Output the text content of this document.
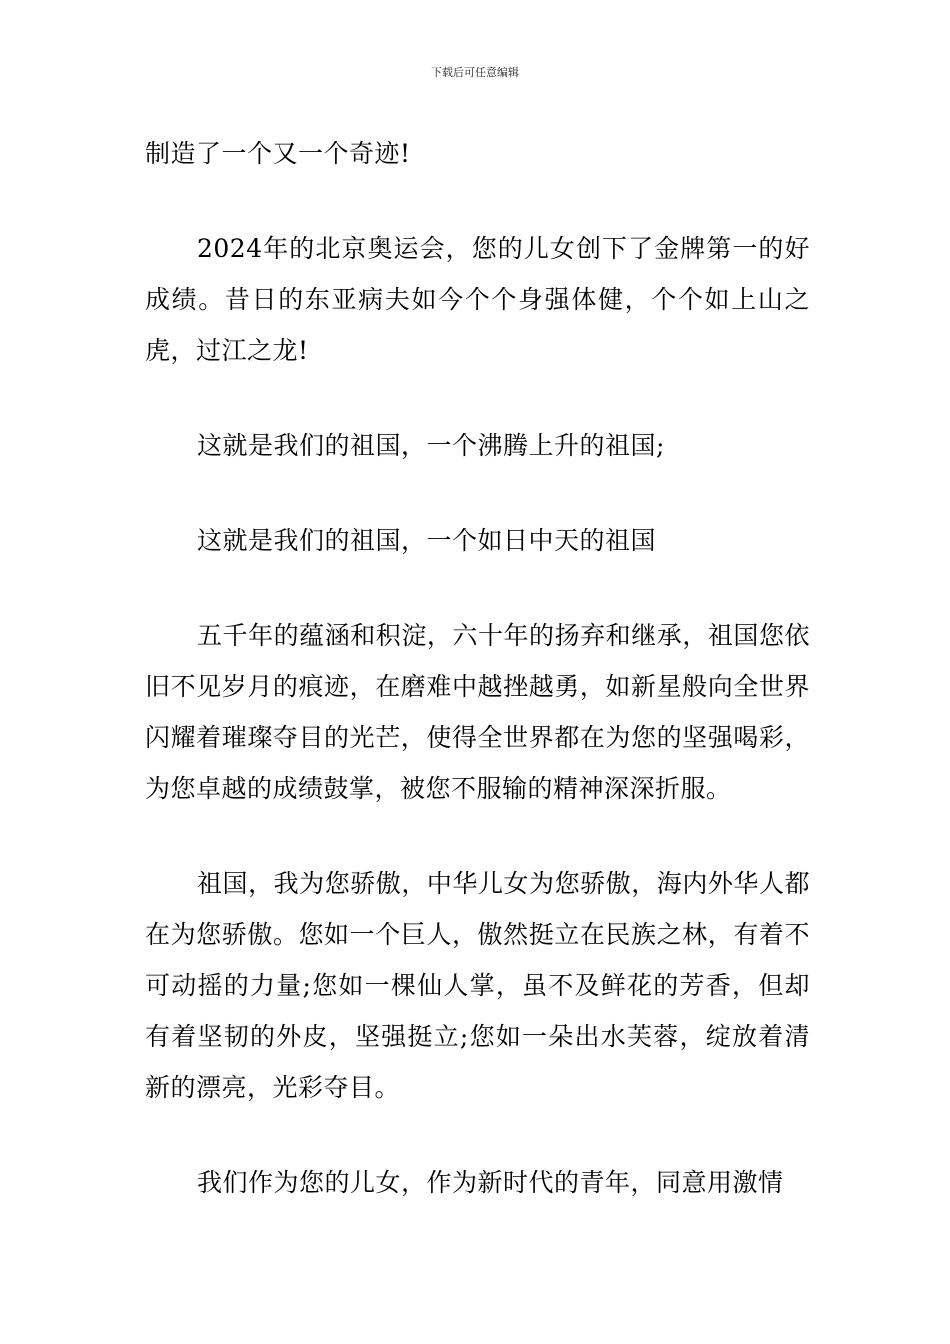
下载后可任意编辑

制造了一个又一个奇迹!

2024年的北京奥运会，您的儿女创下了金牌第一的好成绩。昔日的东亚病夫如今个个身强体健，个个如上山之虎，过江之龙!

这就是我们的祖国，一个沸腾上升的祖国;

这就是我们的祖国，一个如日中天的祖国

五千年的蕴涵和积淀，六十年的扬弃和继承，祖国您依旧不见岁月的痕迹，在磨难中越挫越勇，如新星般向全世界闪耀着璀璨夺目的光芒，使得全世界都在为您的坚强喝彩，为您卓越的成绩鼓掌，被您不服输的精神深深折服。

祖国，我为您骄傲，中华儿女为您骄傲，海内外华人都在为您骄傲。您如一个巨人，傲然挺立在民族之林，有着不可动摇的力量;您如一棵仙人掌，虽不及鲜花的芳香，但却有着坚韧的外皮，坚强挺立;您如一朵出水芙蓉，绽放着清新的漂亮，光彩夺目。

我们作为您的儿女，作为新时代的青年，同意用激情
